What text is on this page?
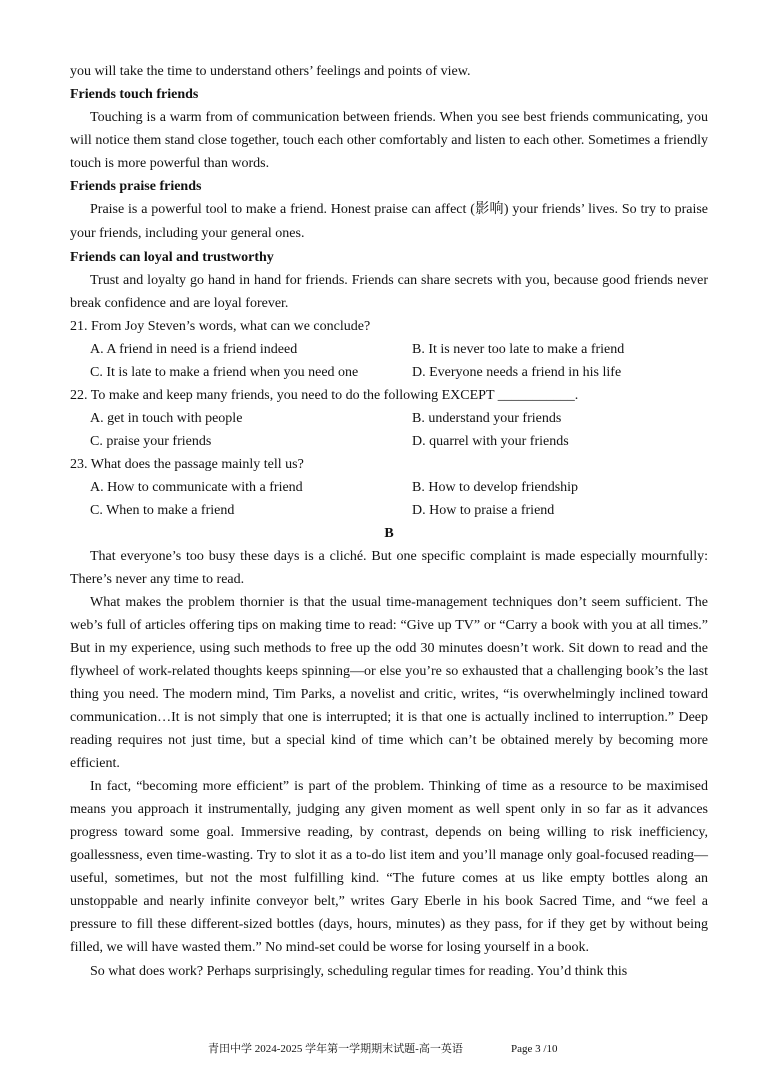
you will take the time to understand others’ feelings and points of view.

Friends touch friends

Touching is a warm from of communication between friends. When you see best friends communicating, you will notice them stand close together, touch each other comfortably and listen to each other. Sometimes a friendly touch is more powerful than words.

Friends praise friends

Praise is a powerful tool to make a friend. Honest praise can affect (影响) your friends’ lives. So try to praise your friends, including your general ones.

Friends can loyal and trustworthy

Trust and loyalty go hand in hand for friends. Friends can share secrets with you, because good friends never break confidence and are loyal forever.

21. From Joy Steven’s words, what can we conclude?

A. A friend in need is a friend indeed	B. It is never too late to make a friend
C. It is late to make a friend when you need one	D. Everyone needs a friend in his life

22. To make and keep many friends, you need to do the following EXCEPT ___________.

A. get in touch with people	B. understand your friends
C. praise your friends	D. quarrel with your friends

23. What does the passage mainly tell us?

A. How to communicate with a friend	B. How to develop friendship
C. When to make a friend	D. How to praise a friend

B

That everyone’s too busy these days is a cliché. But one specific complaint is made especially mournfully: There’s never any time to read.

What makes the problem thornier is that the usual time-management techniques don’t seem sufficient. The web’s full of articles offering tips on making time to read: “Give up TV” or “Carry a book with you at all times.” But in my experience, using such methods to free up the odd 30 minutes doesn’t work. Sit down to read and the flywheel of work-related thoughts keeps spinning—or else you’re so exhausted that a challenging book’s the last thing you need. The modern mind, Tim Parks, a novelist and critic, writes, “is overwhelmingly inclined toward communication…It is not simply that one is interrupted; it is that one is actually inclined to interruption.” Deep reading requires not just time, but a special kind of time which can’t be obtained merely by becoming more efficient.

In fact, “becoming more efficient” is part of the problem. Thinking of time as a resource to be maximised means you approach it instrumentally, judging any given moment as well spent only in so far as it advances progress toward some goal. Immersive reading, by contrast, depends on being willing to risk inefficiency, goallessness, even time-wasting. Try to slot it as a to-do list item and you’ll manage only goal-focused reading—useful, sometimes, but not the most fulfilling kind. “The future comes at us like empty bottles along an unstoppable and nearly infinite conveyor belt,” writes Gary Eberle in his book Sacred Time, and “we feel a pressure to fill these different-sized bottles (days, hours, minutes) as they pass, for if they get by without being filled, we will have wasted them.” No mind-set could be worse for losing yourself in a book.

So what does work? Perhaps surprisingly, scheduling regular times for reading. You’d think this

青田中学 2024-2025 学年第一学期期末试题-高一英语	Page 3 /10
